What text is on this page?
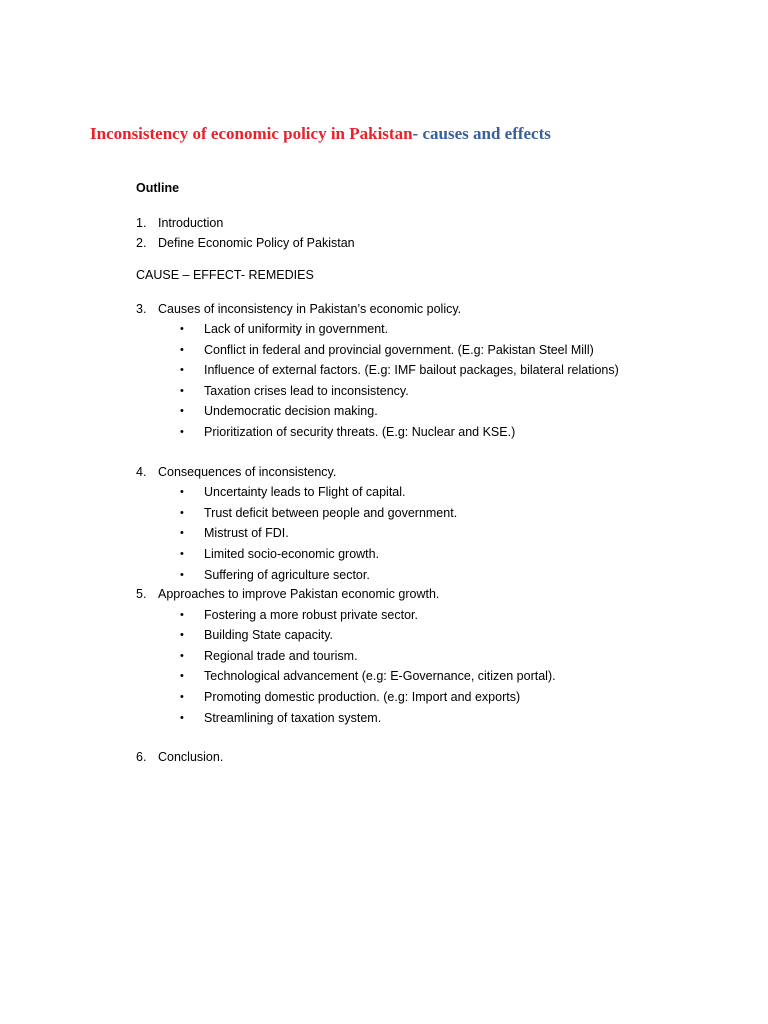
Inconsistency of economic policy in Pakistan- causes and effects
Outline
1. Introduction
2. Define Economic Policy of Pakistan
CAUSE – EFFECT- REMEDIES
3. Causes of inconsistency in Pakistan’s economic policy.
• Lack of uniformity in government.
• Conflict in federal and provincial government. (E.g: Pakistan Steel Mill)
• Influence of external factors. (E.g: IMF bailout packages, bilateral relations)
• Taxation crises lead to inconsistency.
• Undemocratic decision making.
• Prioritization of security threats. (E.g: Nuclear and KSE.)
4. Consequences of inconsistency.
• Uncertainty leads to Flight of capital.
• Trust deficit between people and government.
• Mistrust of FDI.
• Limited socio-economic growth.
• Suffering of agriculture sector.
5. Approaches to improve Pakistan economic growth.
• Fostering a more robust private sector.
• Building State capacity.
• Regional trade and tourism.
• Technological advancement (e.g: E-Governance, citizen portal).
• Promoting domestic production. (e.g: Import and exports)
• Streamlining of taxation system.
6. Conclusion.
